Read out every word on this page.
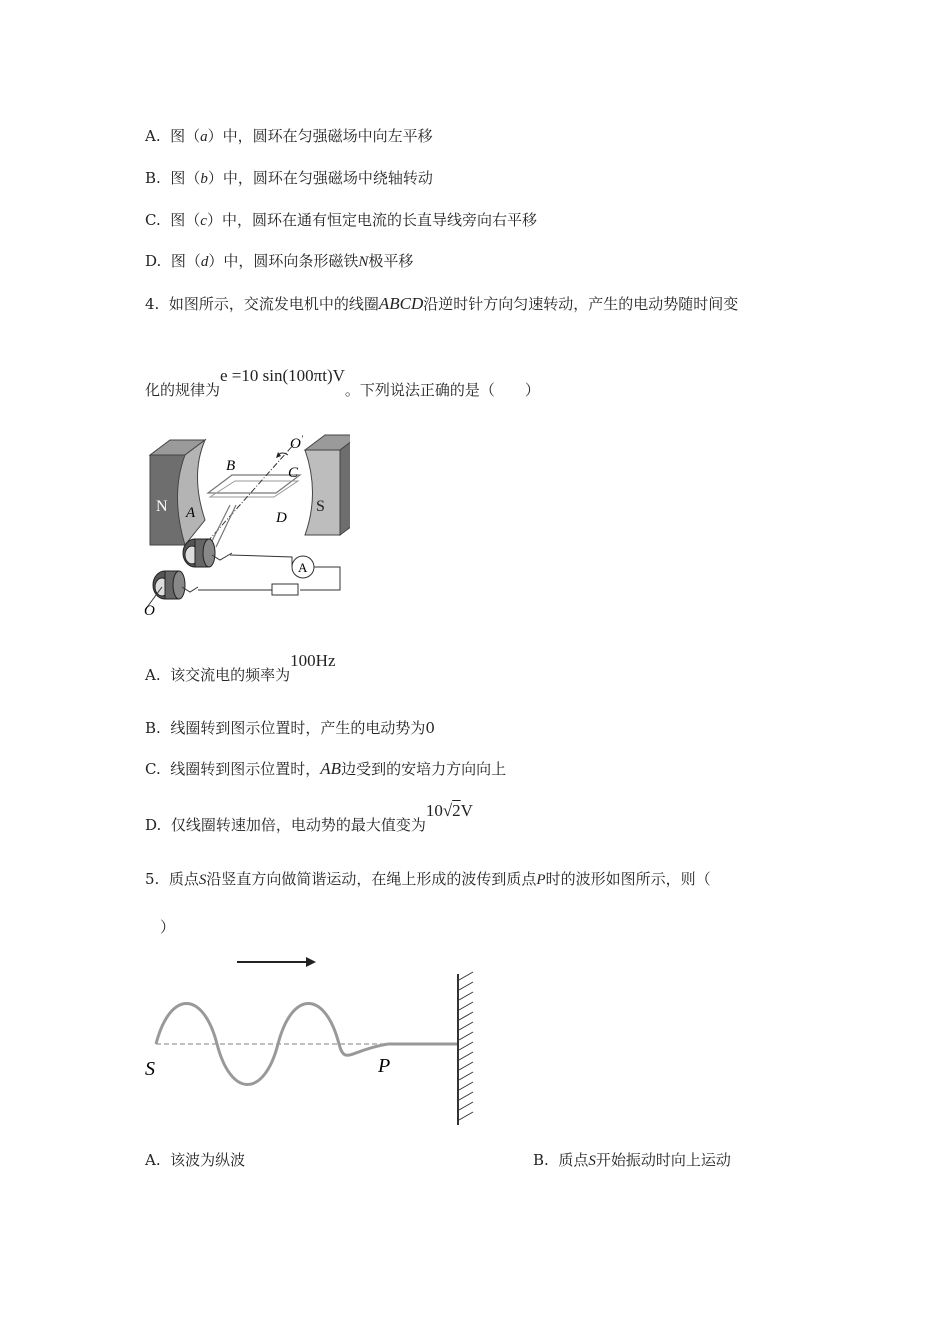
A. 图（a）中，圆环在匀强磁场中向左平移
B. 图（b）中，圆环在匀强磁场中绕轴转动
C. 图（c）中，圆环在通有恒定电流的长直导线旁向右平移
D. 图（d）中，圆环向条形磁铁N极平移
4. 如图所示，交流发电机中的线圈ABCD沿逆时针方向匀速转动，产生的电动势随时间变
化的规律为e =10 sin(100πt)V。下列说法正确的是（　　）
N	S
B	C
A	D
O′
O
A
A. 该交流电的频率为100Hz
B. 线圈转到图示位置时，产生的电动势为0
C. 线圈转到图示位置时，AB边受到的安培力方向向上
D. 仅线圈转速加倍，电动势的最大值变为10√2V
5. 质点S沿竖直方向做简谐运动，在绳上形成的波传到质点P时的波形如图所示，则（
）
S	P
A. 该波为纵波	B. 质点S开始振动时向上运动
